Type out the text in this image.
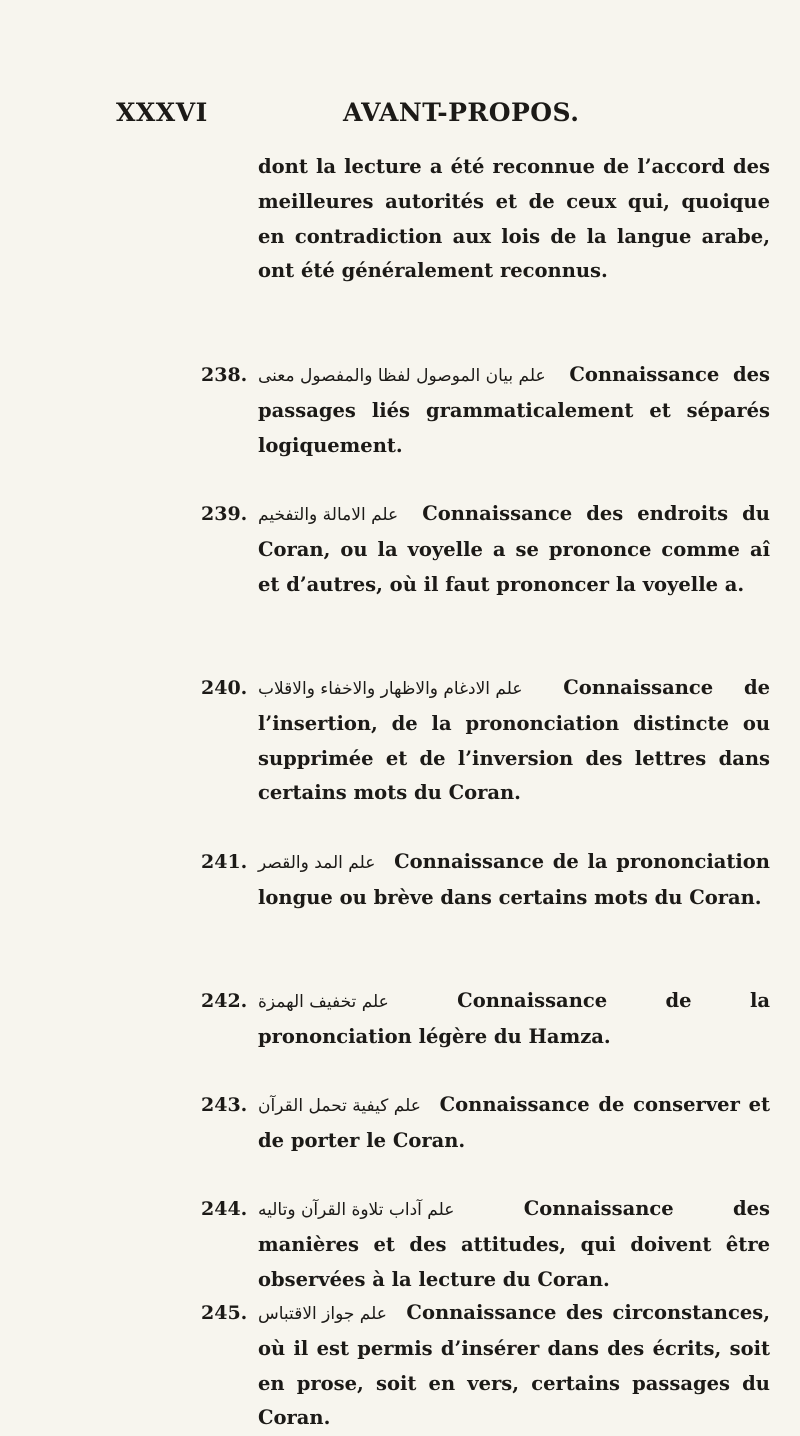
XXXVI	AVANT-PROPOS.
dont la lecture a été reconnue de l’accord des meilleures autorités et de ceux qui, quoique en contradiction aux lois de la langue arabe, ont été généralement reconnus.
238. علم بيان الموصول لفظا والمفصول معنى Connaissance des passages liés grammaticalement et séparés logiquement.
239. علم الامالة والتفخيم Connaissance des endroits du Coran, ou la voyelle a se prononce comme aî et d’autres, où il faut prononcer la voyelle a.
240. علم الادغام والاظهار والاخفاء والاقلاب Connaissance de l’insertion, de la prononciation distincte ou supprimée et de l’inversion des lettres dans certains mots du Coran.
241. علم المد والقصر Connaissance de la prononciation longue ou brève dans certains mots du Coran.
242. علم تخفيف الهمزة	Connaissance de la prononciation légère du Hamza.
243. علم كيفية تحمل القرآن Connaissance de conserver et de porter le Coran.
244. علم آداب تلاوة القرآن وتاليه	Connaissance des manières et des attitudes, qui doivent être observées à la lecture du Coran.
245. علم جواز الاقتباس Connaissance des circonstances, où il est permis d’insérer dans des écrits, soit en prose, soit en vers, certains passages du Coran.
